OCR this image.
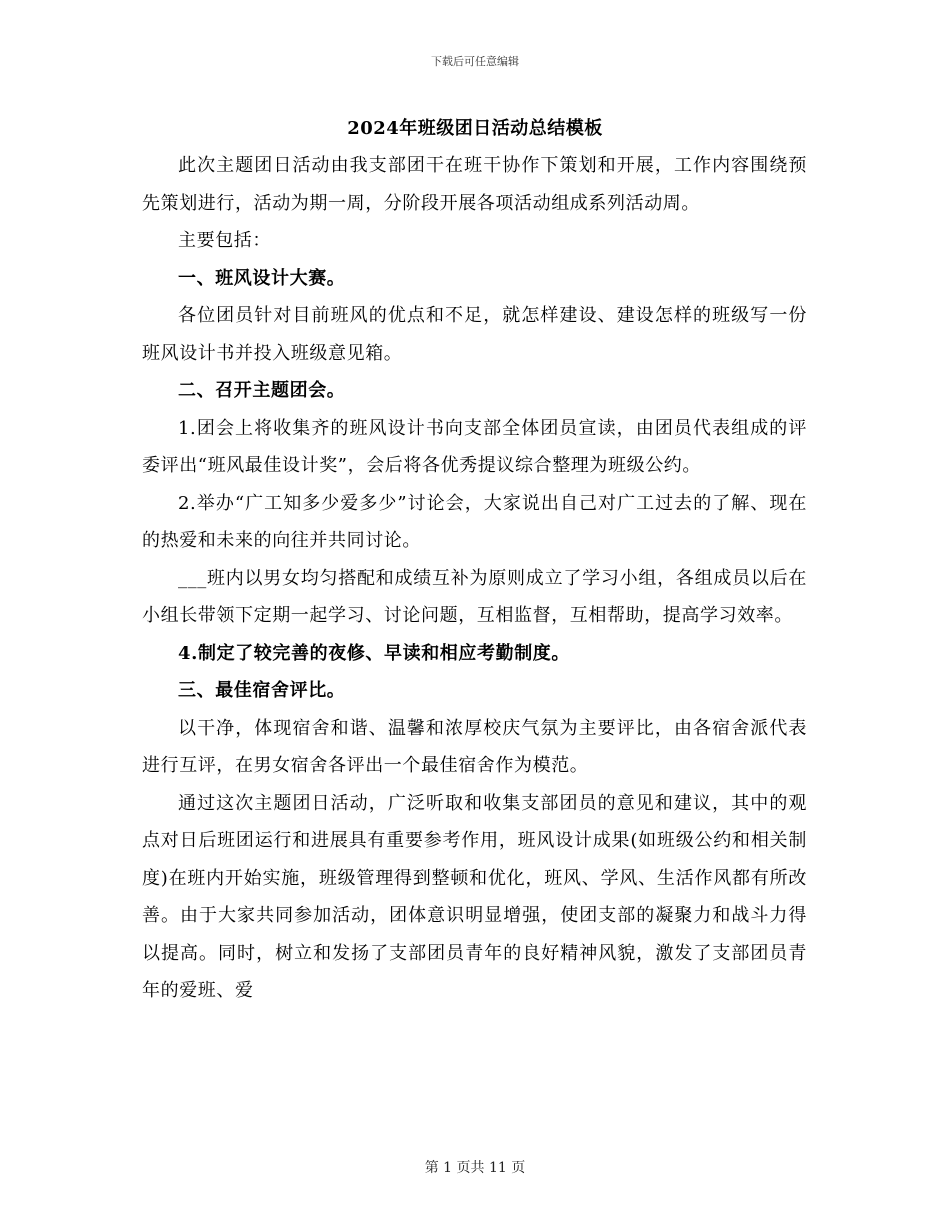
下载后可任意编辑
2024年班级团日活动总结模板

此次主题团日活动由我支部团干在班干协作下策划和开展，工作内容围绕预先策划进行，活动为期一周，分阶段开展各项活动组成系列活动周。

主要包括：

一、班风设计大赛。

各位团员针对目前班风的优点和不足，就怎样建设、建设怎样的班级写一份班风设计书并投入班级意见箱。

二、召开主题团会。

1.团会上将收集齐的班风设计书向支部全体团员宣读，由团员代表组成的评委评出“班风最佳设计奖”，会后将各优秀提议综合整理为班级公约。

2.举办“广工知多少爱多少”讨论会，大家说出自己对广工过去的了解、现在的热爱和未来的向往并共同讨论。

___班内以男女均匀搭配和成绩互补为原则成立了学习小组，各组成员以后在小组长带领下定期一起学习、讨论问题，互相监督，互相帮助，提高学习效率。

4.制定了较完善的夜修、早读和相应考勤制度。

三、最佳宿舍评比。

以干净，体现宿舍和谐、温馨和浓厚校庆气氛为主要评比，由各宿舍派代表进行互评，在男女宿舍各评出一个最佳宿舍作为模范。

通过这次主题团日活动，广泛听取和收集支部团员的意见和建议，其中的观点对日后班团运行和进展具有重要参考作用，班风设计成果(如班级公约和相关制度)在班内开始实施，班级管理得到整顿和优化，班风、学风、生活作风都有所改善。由于大家共同参加活动，团体意识明显增强，使团支部的凝聚力和战斗力得以提高。同时，树立和发扬了支部团员青年的良好精神风貌，激发了支部团员青年的爱班、爱

第 1 页共 11 页
